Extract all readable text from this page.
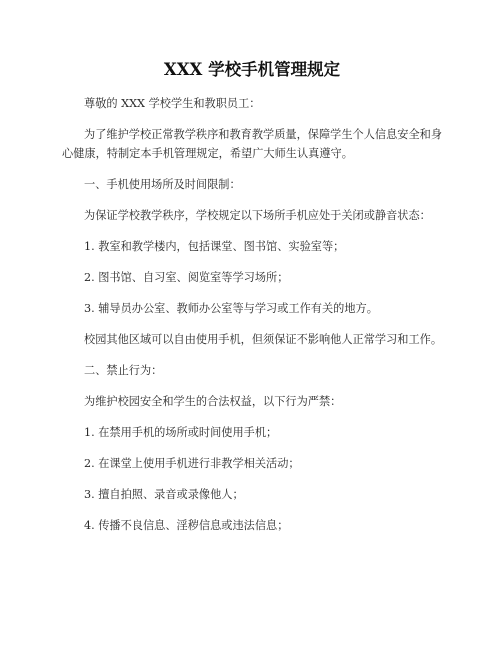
XXX 学校手机管理规定

尊敬的 XXX 学校学生和教职员工：

为了维护学校正常教学秩序和教育教学质量，保障学生个人信息安全和身心健康，特制定本手机管理规定，希望广大师生认真遵守。

一、手机使用场所及时间限制：

为保证学校教学秩序，学校规定以下场所手机应处于关闭或静音状态：

1. 教室和教学楼内，包括课堂、图书馆、实验室等；

2. 图书馆、自习室、阅览室等学习场所；

3. 辅导员办公室、教师办公室等与学习或工作有关的地方。

校园其他区域可以自由使用手机，但须保证不影响他人正常学习和工作。

二、禁止行为：

为维护校园安全和学生的合法权益，以下行为严禁：

1. 在禁用手机的场所或时间使用手机；

2. 在课堂上使用手机进行非教学相关活动；

3. 擅自拍照、录音或录像他人；

4. 传播不良信息、淫秽信息或违法信息；
